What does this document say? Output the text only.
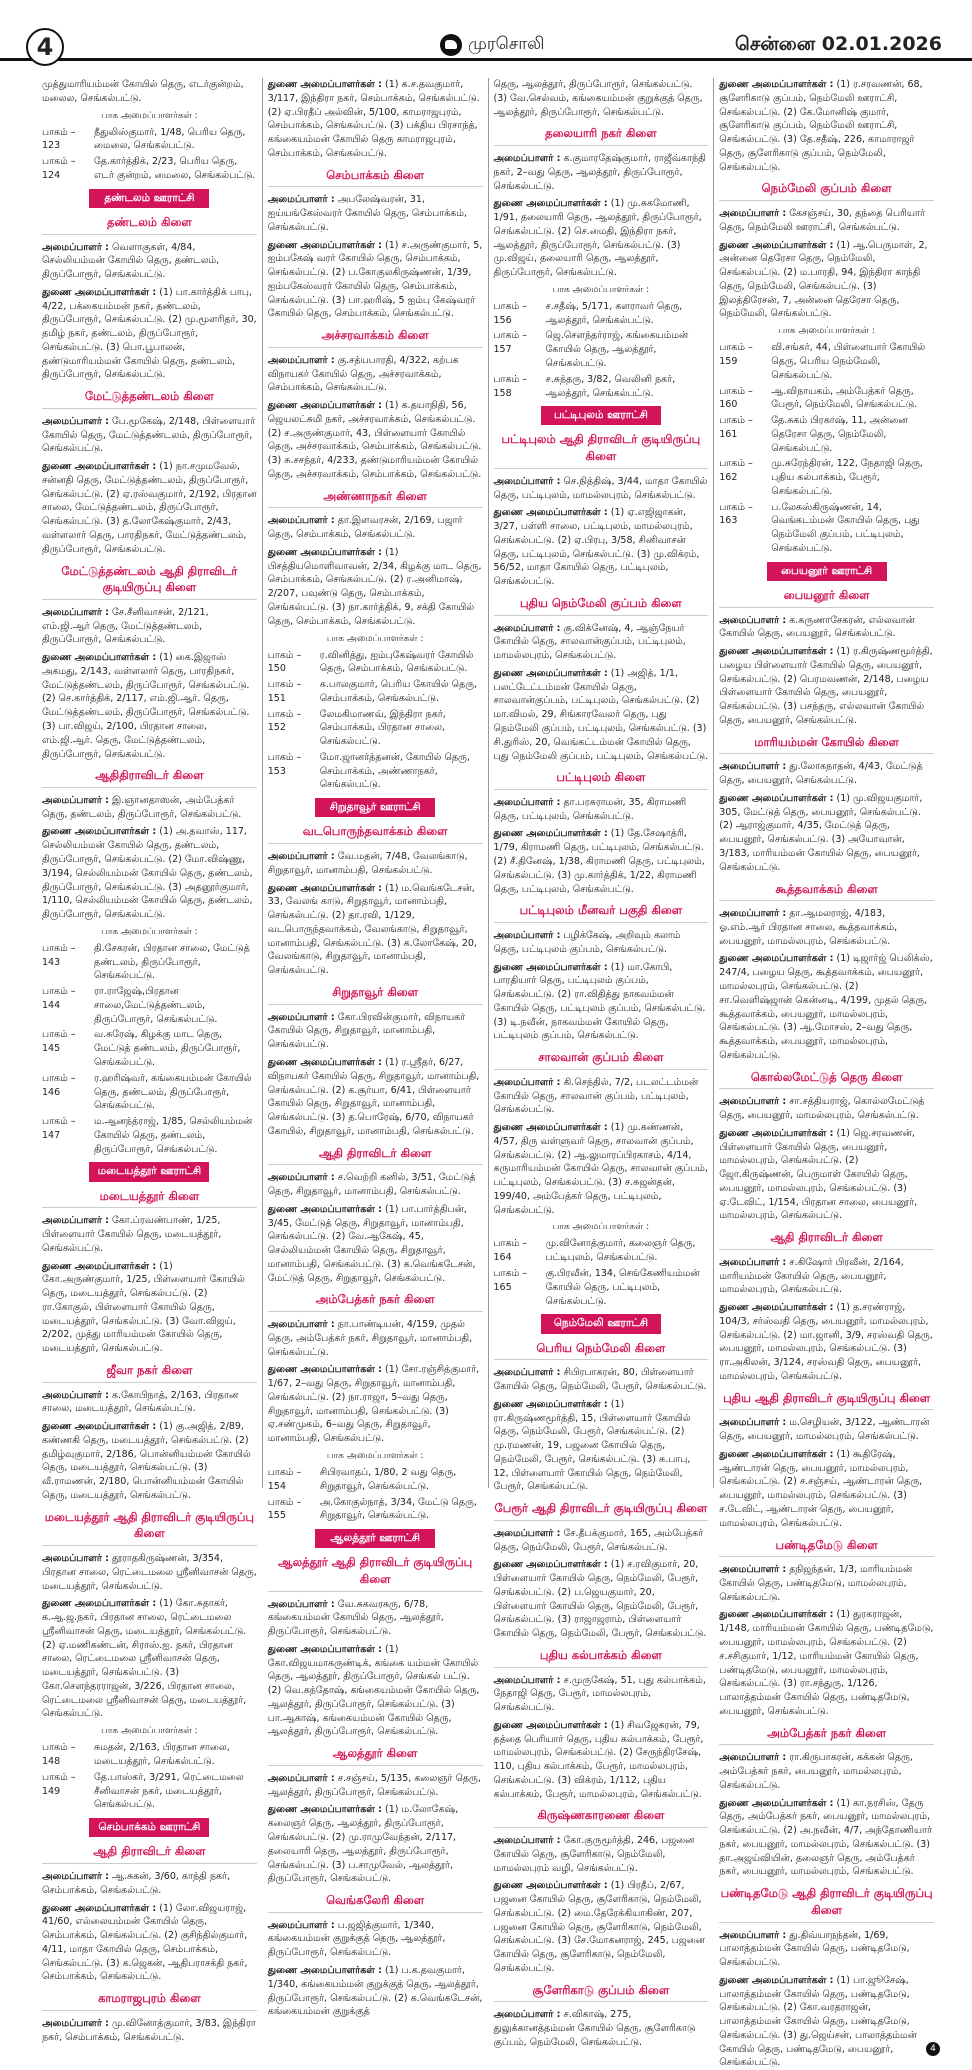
4	முரசொலி	சென்னை 02.01.2026

முத்துமாரியம்மன் கோயில் தெரு, எடர்குன்றம், மலைல, செங்கல்பட்டு.

பாக அமைப்பாளர்கள் :
பாகம் – 123
நீதுலிஸ்குமார், 1/48, பெரிய தெரு, மைலை, செங்கல்பட்டு.
பாகம் – 124
தே.கார்த்திக், 2/23, பெரிய தெரு, எடர் குன்றம், மைலை, செங்கல்பட்டு.
தண்டலம் ஊராட்சி
தண்டலம் கிளை

அமைப்பாளர் : வெளாகுகள், 4/84, செல்லியம்மன் கோயில் தெரு, தண்டலம், திருப்போரூர், செங்கல்பட்டு.

துணை அமைப்பாளர்கள் : (1) பா.கார்த்திக் பாபு, 4/22, பக்கையம்மன் நகர், தண்டலம், திருப்போரூர், செங்கல்பட்டு. (2) மு.மூளரிதர், 30, தமிழ் நகர், தண்டலம், திருப்போரூர், செங்கல்பட்டு. (3) பொ.பூபாலன், தண்டுமாரியம்மன் கோயில் தெரு, தண்டலம், திருப்போரூர், செங்கல்பட்டு.

மேட்டுத்தண்டலம் கிளை

அமைப்பாளர் : பே.மூகேஷ், 2/148, பிள்ளையார் கோயில் தெரு, மேட்டுத்தண்டலம், திருப்போரூர், செங்கல்பட்டு.

துணை அமைப்பாளர்கள் : (1) நா.சமுமவேல், சன்னதி தெரு, மேட்டுத்தண்டலம், திருப்போரூர், செங்கல்பட்டு. (2) ஏ.ரஸ்வகுமார், 2/192, பிரதான சாலை, மேட்டுத்தண்டலம், திருப்போரூர், செங்கல்பட்டு. (3) த.லோகேஷ்குமார், 2/43, வள்ளலார் தெரு, பாரதிநகர், மேட்டுத்தண்டலம், திருப்போரூர், செங்கல்பட்டு.

மேட்டுத்தண்டலம் ஆதி திராவிடர் குடியிருப்பு கிளை

அமைப்பாளர் : சே.சீனிவாசன், 2/121, எம்.ஜி.ஆர் தெரு, மேட்டுத்தண்டலம், திருப்போரூர், செங்கல்பட்டு.

துணை அமைப்பாளர்கள் : (1) கை.இஜாஸ் அகமது, 2/143, வள்ளலார் தெரு, பாரதிநகர், மேட்டுத்தண்டலம், திருப்போரூர், செங்கல்பட்டு. (2) செ.கார்த்திக், 2/117, எம்.ஜி.ஆர். தெரு, மேட்டுத்தண்டலம், திருப்போரூர், செங்கல்பட்டு. (3) பா.விஜய், 2/100, பிரதான சாலை, எம்.ஜி.ஆர். தெரு, மேட்டுத்தண்டலம், திருப்போரூர், செங்கல்பட்டு.

ஆதிதிராவிடர் கிளை

அமைப்பாளர் : இ.ஞானதாஸன், அம்பேத்கர் தெரு, தண்டலம், திருப்போரூர், செங்கல்பட்டு.

துணை அமைப்பாளர்கள் : (1) அ.தவாஸ், 117, செல்லியம்மன் கோயில் தெரு, தண்டலம், திருப்போரூர், செங்கல்பட்டு. (2) மோ.விஷ்ணு, 3/194, செல்லியம்மன் கோயில் தெரு, தண்டலம், திருப்போரூர், செங்கல்பட்டு. (3) அதனூர்குமார், 1/110, செல்லியம்மன் கோயில் தெரு, தண்டலம், திருப்போரூர், செங்கல்பட்டு.

பாக அமைப்பாளர்கள் :
பாகம் – 143
தி.சேகரன், பிரதான சாலை, மேட்டுத் தண்டலம், திருப்போரூர், செங்கல்பட்டு.
பாகம் – 144
ரா.ராஜேஷ்,பிரதான சாலை,மேட்டுத்தண்டலம், திருப்போரூர், செங்கல்பட்டு.
பாகம் – 145
வ.சுரேஷ், கிழக்கு மாட தெரு, மேட்டுத் தண்டலம், திருப்போரூர், செங்கல்பட்டு.
பாகம் – 146
ர.ஹரிஷ்வர், கங்கையம்மன் கோயில் தெரு, தண்டலம், திருப்போரூர், செங்கல்பட்டு.
பாகம் – 147
ம.ஆனந்த்ராஜ், 1/85, செல்லியம்மன் கோயில் தெரு, தண்டலம், திருப்போரூர், செங்கல்பட்டு.
மடையத்தூர் ஊராட்சி
மடையத்தூர் கிளை

அமைப்பாளர் : கோ.ப்ரவண்பாண், 1/25, பிள்ளையார் கோயில் தெரு, மடையத்தூர், செங்கல்பட்டு.

துணை அமைப்பாளர்கள் : (1) கோ.அருண்குமார், 1/25, பிள்ளையார் கோயில் தெரு, மடையத்தூர், செங்கல்பட்டு. (2) ரா.கோகுல், பிள்ளையார் கோயில் தெரு, மடையத்தூர், செங்கல்பட்டு. (3) வோ.விஜய், 2/202, முத்து மாரியம்மன் கோயில் தெரு, மடையத்தூர், செங்கல்பட்டு.

ஜீவா நகர் கிளை

அமைப்பாளர் : க.கோபிநாத், 2/163, பிரதான சாலை, மடையத்தூர், செங்கல்பட்டு.

துணை அமைப்பாளர்கள் : (1) கு.அஜித், 2/89, கண்ணகி தெரு, மடையத்தூர், செங்கல்பட்டு. (2) தமிழ்வுகுமார், 2/186, பொன்னியம்மன் கோயில் தெரு, மடையத்தூர், செங்கல்பட்டு. (3) வீ.ராமணன், 2/180, பொன்னியம்மன் கோயில் தெரு, மடையத்தூர், செங்கல்பட்டு.

மடையத்தூர் ஆதி திராவிடர் குடியிருப்பு கிளை

அமைப்பாளர் : தூராதகிருஷ்ணன், 3/354, பிரதான சாலை, ரெட்டைமலை ஸ்ரீனிவாசன் தெரு, மடையத்தூர், செங்கல்பட்டு.

துணை அமைப்பாளர்கள் : (1) கோ.சுதாகர், க.ஆ.ஜ.நகர், பிரதான சாலை, ரெட்டைமலை ஸ்ரீனிவாசன் தெரு, மடையத்தூர், செங்கல்பட்டு. (2) ஏ.மணிகண்டன், சிராஸ்.ஐ. நகர், பிரதான சாலை, ரெட்டைமலை ஸ்ரீனிவாசன் தெரு, மடையத்தூர், செங்கல்பட்டு. (3) கோ.சௌந்தரராஜன், 3/226, பிரதான சாலை, ரெட்டைமலை ஸ்ரீனிவாசன் தெரு, மடையத்தூர், செங்கல்பட்டு.

பாக அமைப்பாளர்கள் :
பாகம் – 148
சுமதன், 2/163, பிரதான சாலை, மடையத்தூர், செங்கல்பட்டு.
பாகம் – 149
தே.பாஸ்கர், 3/291, ரெட்டைமலை சீனிவாசன் நகர், மடையத்தூர், செங்கல்பட்டு.
செம்பாக்கம் ஊராட்சி
ஆதி திராவிடர் கிளை

அமைப்பாளர் : ஆ.சுகன், 3/60, காந்தி நகர், செம்பாக்கம், செங்கல்பட்டு.

துணை அமைப்பாளர்கள் : (1) லோ.விஜயராஜ், 41/60, எல்லையம்மன் கோயில் தெரு, செம்பாக்கம், செங்கல்பட்டு. (2) குசிந்தில்குமார், 4/11, மாதா கோயில் தெரு, செம்பாக்கம், செங்கல்பட்டு. (3) க.ஜெகன், ஆதிபராசக்தி நகர், செம்பாக்கம், செங்கல்பட்டு.

காமராஜபுரம் கிளை

அமைப்பாளர் : மு.வினோத்குமார், 3/83, இந்திரா நகர், செம்பாக்கம், செங்கல்பட்டு.

துணை அமைப்பாளர்கள் : (1) க.ச.தவகுமார், 3/117, இந்திரா நகர், செம்பாக்கம், செங்கல்பட்டு. (2) ஏ.பிரதீப் அல்வின், 5/100, காமராஜபுரம், செம்பாக்கம், செங்கல்பட்டு. (3) பக்திய பிரசாந்த், கங்கையம்மன் கோயில் தெரு காமராஜபுரம், செம்பாக்கம், செங்கல்பட்டு.

செம்பாக்கம் கிளை

அமைப்பாளர் : அபலேஷ்வரன், 31, ஐய்யங்கேஸ்வரர் கோயில் தெரு, செம்பாக்கம், செங்கல்பட்டு.

துணை அமைப்பாளர்கள் : (1) ச.அருண்குமார், 5, ஐம்பகேஷ் வரர் கோயில் தெரு, செம்பாக்கம், செங்கல்பட்டு. (2) ப.கோகுலகிருஷ்ணன், 1/39, ஐம்பகேஸ்வரர் கோயில் தெரு, செம்பாக்கம், செங்கல்பட்டு. (3) பா.ஹரிஷ், 5 ஐம்பு கேஷ்வரர் கோயில் தெரு, செம்பாக்கம், செங்கல்பட்டு.

அச்சரவாக்கம் கிளை

அமைப்பாளர் : கு.சத்யபாரதி, 4/322, கற்பக விநாயகர் கோயில் தெரு, அச்சரவாக்கம், செம்பாக்கம், செங்கல்பட்டு.

துணை அமைப்பாளர்கள் : (1) க.தயாநிதி, 56, ஜெயலட்சுமி நகர், அச்சரவாக்கம், செங்கல்பட்டு. (2) ச.அருண்குமார், 43, பிள்ளையார் கோயில் தெரு, அச்சரவாக்கம், செம்பாக்கம், செங்கல்பட்டு. (3) சு.சசந்தர், 4/233, தண்டுமாரியம்மன் கோயில் தெரு, அச்சரவாக்கம், செம்பாக்கம், செங்கல்பட்டு.

அண்ணாநகர் கிளை

அமைப்பாளர் : தா.இளவரசன், 2/169, பஜார் தெரு, செம்பாக்கம், செங்கல்பட்டு.

துணை அமைப்பாளர்கள் : (1) பிசத்தியமொளிவாவன், 2/34, கிழக்கு மாட தெரு, செம்பாக்கம், செங்கல்பட்டு. (2) ர.அனிமாஷ், 2/207, பவுண்டு தெரு, செம்பாக்கம், செங்கல்பட்டு. (3) நா.கார்த்திக், 9, சக்தி கோயில் தெரு, செம்பாக்கம், செங்கல்பட்டு.

பாக அமைப்பாளர்கள் :
பாகம் – 150
ர.வினித்து, ஐம்புகேஷ்வரர் கோயில் தெரு, செம்பாக்கம், செங்கல்பட்டு.
பாகம் – 151
க.பாலகுமார், பெரிய கோயில் தெரு, செம்பாக்கம், செங்கல்பட்டு.
பாகம் – 152
லேமகிமாணவ், இந்திரா நகர், செம்பாக்கம், பிரதான சாலை, செங்கல்பட்டு.
பாகம் – 153
மோ.ஜானர்த்தனன், கோயில் தெரு, செம்பாக்கம், அண்ணாநகர், செங்கல்பட்டு.
சிறுதாவூர் ஊராட்சி
வடபொருந்தவாக்கம் கிளை

அமைப்பாளர் : வே.மதன், 7/48, வேலங்காடு, சிறுதாவூர், மானாம்பதி, செங்கல்பட்டு.

துணை அமைப்பாளர்கள் : (1) ம.வெங்கடேசன், 33, வேலங் காடு, சிறுதாவூர், மானாம்பதி, செங்கல்பட்டு. (2) தா.ரவி, 1/129, வடபொருந்தவாக்கம், வேலங்காடு, சிறுதாவூர், மானாம்பதி, செங்கல்பட்டு. (3) க.லோகேஷ், 20, வேலங்காடு, சிறுதாவூர், மானாம்பதி, செங்கல்பட்டு.

சிறுதாவூர் கிளை

அமைப்பாளர் : கோ.பிரவின்குமார், விநாயகர் கோயில் தெரு, சிறுதாவூர், மானாம்பதி, செங்கல்பட்டு.

துணை அமைப்பாளர்கள் : (1) ர.ஸ்ரீதர், 6/27, விநாயகர் கோயில் தெரு, சிறுதாவூர், மானாம்பதி, செங்கல்பட்டு. (2) க.சூர்யா, 6/41, பிள்ளையார் கோயில் தெரு, சிறுதாவூர், மானாம்பதி, செங்கல்பட்டு. (3) த.பொரேஷ், 6/70, விநாயகர் கோயில், சிறுதாவூர், மானாம்பதி, செங்கல்பட்டு.

ஆதி திராவிடர் கிளை

அமைப்பாளர் : ச.வெற்றி கனில், 3/51, மேட்டுத் தெரு, சிறுதாவூர், மானாம்பதி, செங்கல்பட்டு.

துணை அமைப்பாளர்கள் : (1) பா.பார்த்திபன், 3/45, மேட்டுத் தெரு, சிறுதாவூர், மானாம்பதி, செங்கல்பட்டு. (2) வே.ஆகேஷ், 45, செல்லியம்மன் கோயில் தெரு, சிறுதாவூர், மானாம்பதி, செங்கல்பட்டு. (3) க.வெங்கடேசன், மேட்டுத் தெரு, சிறுதாவூர், செங்கல்பட்டு.

அம்பேத்கர் நகர் கிளை

அமைப்பாளர் : நா.பாண்டியன், 4/159, முதல் தெரு, அம்பேத்கர் நகர், சிறுதாவூர், மானாம்பதி, செங்கல்பட்டு.

துணை அமைப்பாளர்கள் : (1) சோ.ரஞ்சித்குமார், 1/67, 2–வது தெரு, சிறுதாவூர், மானாம்பதி, செங்கல்பட்டு. (2) நா.ராஜா, 5–வது தெரு, சிறுதாவூர், மானாம்பதி, செங்கல்பட்டு. (3) ஏ.சண்முகம், 6–வது தெரு, சிறுதாவூர், மானாம்பதி, செங்கல்பட்டு.

பாக அமைப்பாளர்கள் :
பாகம் – 154
சிபிரவாதப், 1/80, 2 வது தெரு, சிறுதாவூர், செங்கல்பட்டு.
பாகம் – 155
அ.கோகுல்நாத், 3/34, மேட்டு தெரு, சிறுதாவூர், செங்கல்பட்டு.
ஆலத்தூர் ஊராட்சி
ஆலத்தூர் ஆதி திராவிடர் குடியிருப்பு கிளை

அமைப்பாளர் : வே.சுகவரசுரு, 6/78, கங்கையம்மன் கோயில் தெரு, ஆலத்தூர், திருப்போரூர், செங்கல்பட்டு.

துணை அமைப்பாளர்கள் : (1) கோ.விஜயமாகருண்டிக், கங்கை யம்மன் கோயில் தெரு, ஆலத்தூர், திருப்போரூர், செங்கல் பட்டு. (2) வெ.கந்தோஷ், கங்கையம்மன் கோயில் தெரு, ஆலத்தூர், திருப்போரூர், செங்கல்பட்டு. (3) பா.ஆகாஷ், கங்கையம்மன் கோயில் தெரு, ஆலத்தூர், திருப்போரூர், செங்கல்பட்டு.

ஆலத்தூர் கிளை

அமைப்பாளர் : ச.சஞ்சய், 5/135, கலைஞர் தெரு, ஆலத்தூர், திருப்போரூர், செங்கல்பட்டு.

துணை அமைப்பாளர்கள் : (1) ம.லோகேஷ், கலைஞர் தெரு, ஆலத்தூர், திருப்போரூர், செங்கல்பட்டு. (2) மு.ராமுவேந்தன், 2/117, தலையாரி தெரு, ஆலத்தூர், திருப்போரூர், செங்கல்பட்டு. (3) ப.சாமுவேல், ஆலத்தூர், திருப்போரூர், செங்கல்பட்டு.

வெங்கலேரி கிளை

அமைப்பாளர் : ப.ஜஜித்குமார், 1/340, கங்கையம்மன் குறுக்குத் தெரு, ஆலத்தூர், திருப்போரூர், செங்கல்பட்டு.

துணை அமைப்பாளர்கள் : (1) ப.க.தவகுமார், 1/340, கங்கையம்மன் குறுக்குத் தெரு, ஆலத்தூர், திருப்போரூர், செங்கல்பட்டு. (2) க.வெங்கடேசன், கங்கையம்மன் குறுக்குத்

தெரு, ஆலத்தூர், திருப்போரூர், செங்கல்பட்டு. (3) வே.செல்வம், கங்கையம்மன் குறுக்குத் தெரு, ஆலத்தூர், திருப்போரூர், செங்கல்பட்டு.

தலையாரி நகர் கிளை

அமைப்பாளர் : க.குமாரதேஷ்குமார், ராஜீவ்காந்தி நகர், 2–வது தெரு, ஆலத்தூர், திருப்போரூர், செங்கல்பட்டு.

துணை அமைப்பாளர்கள் : (1) மு.சுகமோணி, 1/91, தலையாரி தெரு, ஆலத்தூர், திருப்போரூர், செங்கல்பட்டு. (2) செ.மைதி, இந்திரா நகர், ஆலத்தூர், திருப்போரூர், செங்கல்பட்டு. (3) மு.விஜய், தலையாரி தெரு, ஆலத்தூர், திருப்போரூர், செங்கல்பட்டு.

பாக அமைப்பாளர்கள் :
பாகம் – 156
ச.சதீஷ், 5/171, களராவர் தெரு, ஆலத்தூர், செங்கல்பட்டு.
பாகம் – 157
ஜெ.சௌந்தர்ராஜ், கங்கையம்மன் கோயில் தெரு, ஆலத்தூர், செங்கல்பட்டு.
பாகம் – 158
ச.சுந்தரு, 3/82, வெலினி நகர், ஆலத்தூர், செங்கல்பட்டு.
பட்டிபுலம் ஊராட்சி
பட்டிபுலம் ஆதி திராவிடர் குடியிருப்பு கிளை

அமைப்பாளர் : செ.நித்திஷ், 3/44, மாதா கோயில் தெரு, பட்டிபுலம், மாமல்லபுரம், செங்கல்பட்டு.

துணை அமைப்பாளர்கள் : (1) ஏ.எஜிஜாகன், 3/27, பள்ளி சாலை, பட்டிபுலம், மாமல்லபுரம், செங்கல்பட்டு. (2) ஏ.பிரபு, 3/58, சினிவாசன் தெரு, பட்டிபுலம், செங்கல்பட்டு. (3) மு.விக்ரம், 56/52, மாதா கோயில் தெரு, பட்டிபுலம், செங்கல்பட்டு.

புதிய நெம்மேலி குப்பம் கிளை

அமைப்பாளர் : கு.விக்னேஷ், 4, ஆஞ்நேயர் கோயில் தெரு, சாலவான்குப்பம், பட்டிபுலம், மாமல்லபுரம், செங்கல்பட்டு.

துணை அமைப்பாளர்கள் : (1) அஜித், 1/1, பலட்டேட்டம்மன் கோயில் தெரு, சாலவான்குப்பம், பட்டிபுலம், செங்கல்பட்டு. (2) மா.விமல், 29, சிங்காரவேலர் தெரு, புது நெம்மேலி குப்பம், பட்டிபுலம், செங்கல்பட்டு. (3) சி.துரிஸ், 20, வெங்கட்டம்மன் கோயில் தெரு, புது நெம்மேலி குப்பம், பட்டிபுலம், செங்கல்பட்டு.

பட்டிபுலம் கிளை

அமைப்பாளர் : தா.பரசுராமன், 35, கிராமணி தெரு, பட்டிபுலம், செங்கல்பட்டு.

துணை அமைப்பாளர்கள் : (1) தே.சேஷாத்ரி, 1/79, கிராமணி தெரு, பட்டிபுலம், செங்கல்பட்டு. (2) சீ.தினேஷ், 1/38, கிராமணி தெரு, பட்டிபுலம், செங்கல்பட்டு. (3) மு.கார்த்திக், 1/22, கிராமணி தெரு, பட்டிபுலம், செங்கல்பட்டு.

பட்டிபுலம் மீனவர் பகுதி கிளை

அமைப்பாளர் : பழிக்கேஷ், அறிவும் கலாம் தெரு, பட்டிபுலம் குப்பம், செங்கல்பட்டு.

துணை அமைப்பாளர்கள் : (1) மா.கோபி, பாரதியார் தெரு, பட்டிபுலம் குப்பம், செங்கல்பட்டு. (2) ரா.விதித்து நாகவம்மன் கோயில் தெரு, பட்டிபுலம் குப்பம், செங்கல்பட்டு. (3) டி.நவீன், நாகவம்மன் கோயில் தெரு, பட்டிபுலம் குப்பம், செங்கல்பட்டு.

சாலவான் குப்பம் கிளை

அமைப்பாளர் : கி.செந்தில், 7/2, படலட்டம்மன் கோயில் தெரு, சாலவான் குப்பம், பட்டிபுலம், செங்கல்பட்டு.

துணை அமைப்பாளர்கள் : (1) மு.கண்ணன், 4/57, திரு வள்ளுவர் தெரு, சாலவான் குப்பம், செங்கல்பட்டு. (2) ஆ.லுமாரப்பிரகாசம், 4/14, கருமாரியம்மன் கோயில் தெரு, சாலவான் குப்பம், பட்டிபுலம், செங்கல்பட்டு. (3) ச.சுஜன்தன், 199/40, அம்பேத்கர் தெரு, பட்டிபுலம், செங்கல்பட்டு.

பாக அமைப்பாளர்கள் :
பாகம் – 164
மு.வினோத்குமார், கலைஞர் தெரு, பட்டிபுலம், செங்கல்பட்டு.
பாகம் – 165
கு.பிரவீன், 134, செங்கேணியம்மன் கோயில் தெரு, பட்டிபுலம், செங்கல்பட்டு.
நெம்மேலி ஊராட்சி
பெரிய நெம்மேலி கிளை

அமைப்பாளர் : சிபிரபாகரன், 80, பிள்ளையார் கோயில் தெரு, நெம்மேலி, பேரூர், செங்கல்பட்டு.

துணை அமைப்பாளர்கள் : (1) ரா.கிருஷ்ணமூர்த்தி, 15, பிள்ளையார் கோயில் தெரு, நெம்மேலி, பேரூர், செங்கல்பட்டு. (2) மு.ரமணன், 19, பஜனை கோயில் தெரு, நெம்மேலி, பேரூர், செங்கல்பட்டு. (3) சு.பாபு, 12, பிள்ளையார் கோயில் தெரு, நெம்மேலி, பேரூர், செங்கல்பட்டு.

பேரூர் ஆதி திராவிடர் குடியிருப்பு கிளை

அமைப்பாளர் : சே.தீபக்குமார், 165, அம்பேத்கர் தெரு, நெம்மேலி, பேரூர், செங்கல்பட்டு.

துணை அமைப்பாளர்கள் : (1) ச.ரவிகுமார், 20, பிள்ளையார் கோயில் தெரு, நெம்மேலி, பேரூர், செங்கல்பட்டு. (2) ப.ஜெயகுமார், 20, பிள்ளையார் கோயில் தெரு, நெம்மேலி, பேரூர், செங்கல்பட்டு. (3) ராஜாஜராம், பிள்ளையார் கோயில் தெரு, நெம்மேலி, பேரூர், செங்கல்பட்டு.

புதிய கல்பாக்கம் கிளை

அமைப்பாளர் : ச.முருகேஷ், 51, புது கல்பாக்கம், நேதாஜி தெரு, பேரூர், மாமல்லபுரம், செங்கல்பட்டு.

துணை அமைப்பாளர்கள் : (1) சிவஜேகரன், 79, தத்தை பெரியார் தெரு, புதிய கல்பாக்கம், பேரூர், மாமல்லபுரம், செங்கல்பட்டு. (2) சேருந்திரசேஷ், 110, புதிய கல்பாக்கம், பேரூர், மாமல்லபுரம், செங்கல்பட்டு. (3) விக்ரம், 1/112, புதிய கல்பாக்கம், பேரூர், மாமல்லபுரம், செங்கல்பட்டு.

கிருஷ்ணகாரணை கிளை

அமைப்பாளர் : கோ.குருமூர்த்தி, 246, பஜனை கோயில் தெரு, சூளேரிகாடு, நெம்மேலி, மாமல்லபுரம் வழி, செங்கல்பட்டு.

துணை அமைப்பாளர்கள் : (1) பிரதீப், 2/67, பஜனை கோயில் தெரு, சூளேரிகாடு, நெம்மேலி, செங்கல்பட்டு. (2) மை.தேரேக்கியாகிண், 207, பஜனை கோயில் தெரு, சூளேரிகாடு, நெம்மேலி, செங்கல்பட்டு. (3) சே.மோகனராஜ், 245, பஜனை கோயில் தெரு, சூளேரிகாடு, நெம்மேலி, செங்கல்பட்டு.

சூளேரிகாடு குப்பம் கிளை

அமைப்பாளர் : ச.விகாஷ், 275, துலுக்கானத்தம்மன் கோயில் தெரு, சூளேரிகாடு குப்பம், நெம்மேலி, செங்கல்பட்டு.

துணை அமைப்பாளர்கள் : (1) ர.சரவணன், 68, சூளேரிகாடு குப்பம், நெம்மேலி ஊராட்சி, செங்கல்பட்டு. (2) கே.மோனிஷ் குமார், சூளேரிகாடு குப்பம், நெம்மேலி ஊராட்சி, செங்கல்பட்டு. (3) தே.சதீஷ், 226, காமாராஜர் தெரு, சூளேரிகாடு குப்பம், நெம்மேலி, செங்கல்பட்டு.

நெம்மேலி குப்பம் கிளை

அமைப்பாளர் : கேசஞ்சய், 30, தந்தை பெரியார் தெரு, நெம்மேலி ஊராட்சி, செங்கல்பட்டு.

துணை அமைப்பாளர்கள் : (1) ஆ.பெருமாள், 2, அன்னை தெரேசா தெரு, நெம்மேலி, செங்கல்பட்டு. (2) ம.பாரதி, 94, இந்திரா காந்தி தெரு, நெம்மேலி, செங்கல்பட்டு. (3) இலத்திரேசன், 7, அன்னை தெரேசா தெரு, நெம்மேலி, செங்கல்பட்டு.

பாக அமைப்பாளர்கள் :
பாகம் – 159
வி.சங்கர், 44, பிள்ளையார் கோயில் தெரு, பெரிய நெம்மேலி, செங்கல்பட்டு.
பாகம் – 160
ஆ.விநாயகம், அம்பேத்கர் தெரு, பேரூர், நெம்மேலி, செங்கல்பட்டு.
பாகம் – 161
தே.சுகம் பிரகாஷ், 11, அன்னை தெரேசா தெரு, நெம்மேலி, செங்கல்பட்டு.
பாகம் – 162
மு.சுரேந்திரன், 122, நேதாஜி தெரு, புதிய கல்பாக்கம், பேரூர், செங்கல்பட்டு.
பாகம் – 163
ப.லேகஸ்கிருஷ்ணன், 14, வெங்கடம்மன் கோயில் தெரு, புது நெம்மேலி குப்பம், பட்டிபுலம், செங்கல்பட்டு.
பையனூர் ஊராட்சி
பையனூர் கிளை

அமைப்பாளர் : க.கருணாசேகரன், எல்லவான் கோயில் தெரு, பையனூர், செங்கல்பட்டு.

துணை அமைப்பாளர்கள் : (1) ர.கிருஷ்ணமூர்த்தி, பழைய பிள்ளையார் கோயில் தெரு, பையனூர், செங்கல்பட்டு. (2) பெரமவணன், 2/148, பழைய பிள்ளையார் கோயில் தெரு, பையனூர், செங்கல்பட்டு. (3) பசந்தரு, எல்லவான் கோயில் தெரு, பையனூர், செங்கல்பட்டு.

மாரியம்மன் கோயில் கிளை

அமைப்பாளர் : து.லோகநாதன், 4/43, மேட்டுத் தெரு, பையனூர், செங்கல்பட்டு.

துணை அமைப்பாளர்கள் : (1) மு.விஜயகுமார், 305, மேட்டுத் தெரு, பையனூர், செங்கல்பட்டு. (2) ஆராஜ்குமார், 4/35, மேட்டுத் தெரு, பையனூர், செங்கல்பட்டு. (3) அயோவான், 3/183, மாரியம்மன் கோயில் தெரு, பையனூர், செங்கல்பட்டு.

கூத்தவாக்கம் கிளை

அமைப்பாளர் : தா.ஆமலராஜ், 4/183, ஓ.எம்.ஆர் பிரதான சாலை, கூத்தவாக்கம், பையனூர், மாமல்லபுரம், செங்கல்பட்டு.

துணை அமைப்பாளர்கள் : (1) டிஜார்ஜ் பெலிக்ஸ், 247/4, பழைய தெரு, கூத்தவாக்கம், பையனூர், மாமல்லபுரம், செங்கல்பட்டு. (2) சா.வெளிஷ்ஜான் கென்னடி, 4/199, முதல் தெரு, கூத்தவாக்கம், பையனூர், மாமல்லபுரம், செங்கல்பட்டு. (3) ஆ.மோசஸ், 2–வது தெரு, கூத்தவாக்கம், பையனூர், மாமல்லபுரம், செங்கல்பட்டு.

கொல்லமேட்டுத் தெரு கிளை

அமைப்பாளர் : சா.சத்தியராஜ், கொல்லமேட்டுத் தெரு, பையனூர், மாமல்லபுரம், செங்கல்பட்டு.

துணை அமைப்பாளர்கள் : (1) ஜெ.சரவணன், பிள்ளையார் கோயில் தெரு, பையனூர், மாமல்லபுரம், செங்கல்பட்டு. (2) ஜோ.கிருஷ்ணன், பெருமாள் கோயில் தெரு, பையனூர், மாமல்லபுரம், செங்கல்பட்டு. (3) ஏ.டேவிட், 1/154, பிரதான சாலை, பையனூர், மாமல்லபுரம், செங்கல்பட்டு.

ஆதி திராவிடர் கிளை

அமைப்பாளர் : ச.கிஷோர் பிரவீன், 2/164, மாரியம்மன் கோயில் தெரு, பையனூர், மாமல்லபுரம், செங்கல்பட்டு.

துணை அமைப்பாளர்கள் : (1) த.சரண்ராஜ், 104/3, சர்ஸ்வதி தெரு, பையனூர், மாமல்லபுரம், செங்கல்பட்டு. (2) மா.ஜானி, 3/9, சரஸ்வதி தெரு, பையனூர், மாமல்லபுரம், செங்கல்பட்டு. (3) ரா.அகிலன், 3/124, சரஸ்வதி தெரு, பையனூர், மாமல்லபுரம், செங்கல்பட்டு.

புதிய ஆதி திராவிடர் குடியிருப்பு கிளை

அமைப்பாளர் : ம.செழியன், 3/122, ஆண்டாரன் தெரு, பையனூர், மாமல்லபுரம், செங்கல்பட்டு.

துணை அமைப்பாளர்கள் : (1) கூதிரேஷ், ஆண்டாரன் தெரு, பையனூர், மாமல்லபுரம், செங்கல்பட்டு. (2) ச.சஞ்சய், ஆண்டாரன் தெரு, பையனூர், மாமல்லபுரம், செங்கல்பட்டு. (3) ச.டேவிட், ஆண்டாரன் தெரு, பையனூர், மாமல்லபுரம், செங்கல்பட்டு.

பண்டிதமேடு கிளை

அமைப்பாளர் : தநிஜந்தன், 1/3, மாரியம்மன் கோயில் தெரு, பண்டிதமேடு, மாமல்லபுரம், செங்கல்பட்டு.

துணை அமைப்பாளர்கள் : (1) துரகராஜன், 1/148, மாரியம்மன் கோயில் தெரு, பண்டிதமேடு, பையனூர், மாமல்லபுரம், செங்கல்பட்டு. (2) ச.சசிகுமார், 1/12, மாரியம்மன் கோயில் தெரு, பண்டிதமேடு, பையனூர், மாமல்லபுரம், செங்கல்பட்டு. (3) ரா.சந்துரு, 1/126, பாலாத்தம்மன் கோயில் தெரு, பண்டிதமேடு, பையனூர், செங்கல்பட்டு.

அம்பேத்கர் நகர் கிளை

அமைப்பாளர் : ரா.கிருபாகரன், கக்கன் தெரு, அம்பேத்கர் நகர், பையனூர், மாமல்லபுரம், செங்கல்பட்டு.

துணை அமைப்பாளர்கள் : (1) கா.நரசிஸ், தேரு தெரு, அம்பேத்கர் நகர், பையனூர், மாமல்லபுரம், செங்கல்பட்டு. (2) அ.நவீன், 4/7, அந்தோணியார் நகர், பையனூர், மாமல்லபுரம், செங்கல்பட்டு. (3) தா.அஜய்வியின், தலைஞர் தெரு, அம்பேத்கர் நகர், பையனூர், மாமல்லபுரம், செங்கல்பட்டு.

பண்டிதமேடு ஆதி திராவிடர் குடியிருப்பு கிளை

அமைப்பாளர் : து.திவ்யாநந்தன், 1/69, பாலாத்தம்மன் கோயில் தெரு, பண்டிதமேடு, செங்கல்பட்டு.

துணை அமைப்பாளர்கள் : (1) பா.ஜூசேஷ், பாலாத்தம்மன் கோயில் தெரு, பண்டிதமேடு, செங்கல்பட்டு. (2) கோ.வரதராஜன், பாலாத்தம்மன் கோயில் தெரு, பண்டிதமேடு, செங்கல்பட்டு. (3) து.ஜெய்சன், பாலாத்தம்மன் கோயில் தெரு, பண்டிதமேடு, பையனூர், செங்கல்பட்டு.

4
